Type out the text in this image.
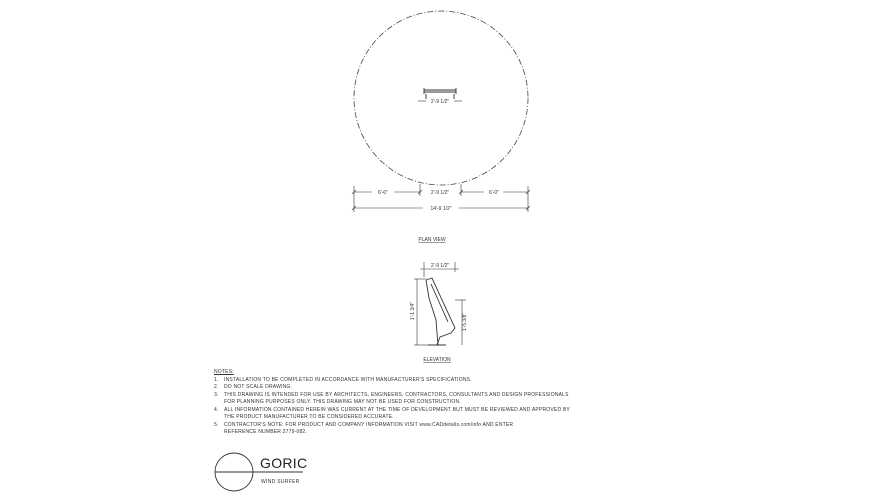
2'-9 1/2"
6'-0"	2'-9 1/2"	6'-0"
14'-9 1/2"
PLAN VIEW
2'-9 1/2"
1'-1 3/4"
1'-5 3/8"
ELEVATION
NOTES:
1.	INSTALLATION TO BE COMPLETED IN ACCORDANCE WITH MANUFACTURER'S SPECIFICATIONS.
2.	DO NOT SCALE DRAWING.
3.	THIS DRAWING IS INTENDED FOR USE BY ARCHITECTS, ENGINEERS, CONTRACTORS, CONSULTANTS AND DESIGN PROFESSIONALS
FOR PLANNING PURPOSES ONLY. THIS DRAWING MAY NOT BE USED FOR CONSTRUCTION.
4.	ALL INFORMATION CONTAINED HEREIN WAS CURRENT AT THE TIME OF DEVELOPMENT BUT MUST BE REVIEWED AND APPROVED BY
THE PRODUCT MANUFACTURER TO BE CONSIDERED ACCURATE.
5.	CONTRACTOR'S NOTE: FOR PRODUCT AND COMPANY INFORMATION VISIT www.CADdetails.com/info AND ENTER
REFERENCE NUMBER 2779-082.
GORIC
WIND SURFER
